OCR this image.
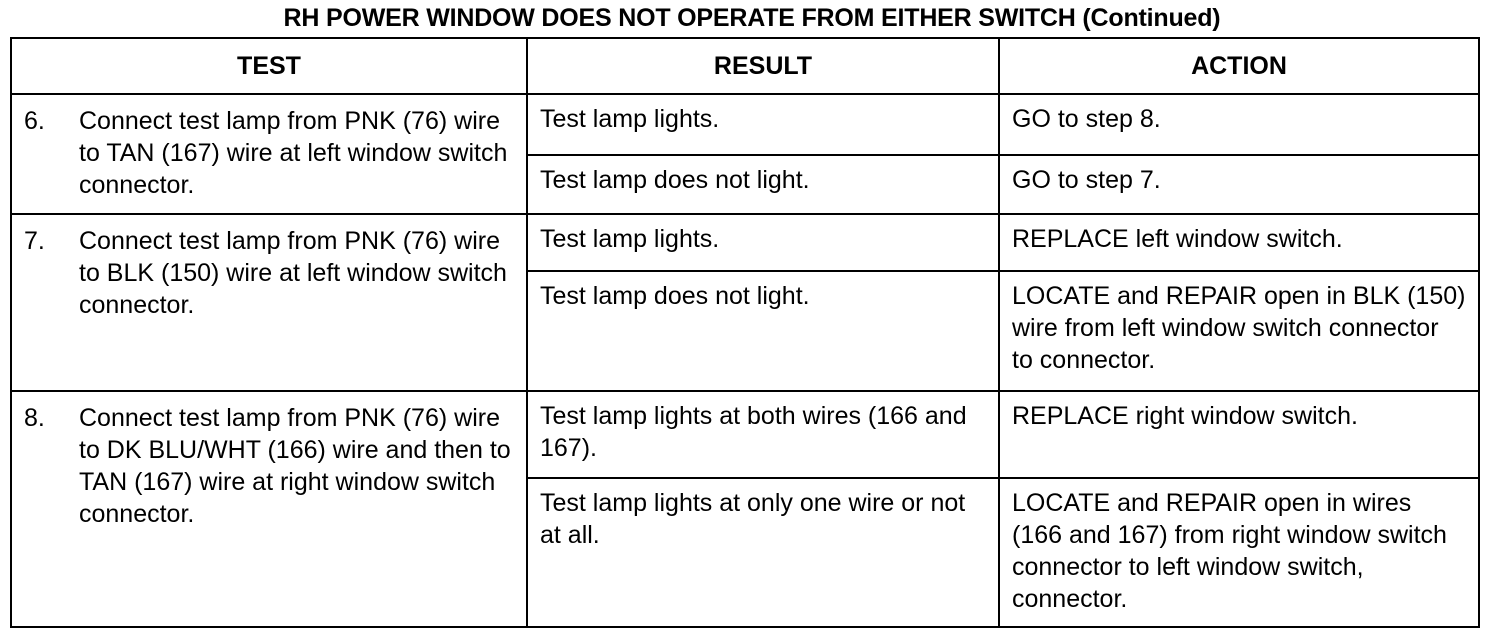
RH POWER WINDOW DOES NOT OPERATE FROM EITHER SWITCH (Continued)
TEST	RESULT	ACTION

6. Connect test lamp from PNK (76) wire to TAN (167) wire at left window switch connector.	Test lamp lights.	GO to step 8.

	Test lamp does not light.	GO to step 7.

7. Connect test lamp from PNK (76) wire to BLK (150) wire at left window switch connector.	Test lamp lights.	REPLACE left window switch.

	Test lamp does not light.	LOCATE and REPAIR open in BLK (150) wire from left window switch connector to connector.

8. Connect test lamp from PNK (76) wire to DK BLU/WHT (166) wire and then to TAN (167) wire at right window switch connector.	Test lamp lights at both wires (166 and 167).	REPLACE right window switch.

	Test lamp lights at only one wire or not at all.	LOCATE and REPAIR open in wires (166 and 167) from right window switch connector to left window switch, connector.
